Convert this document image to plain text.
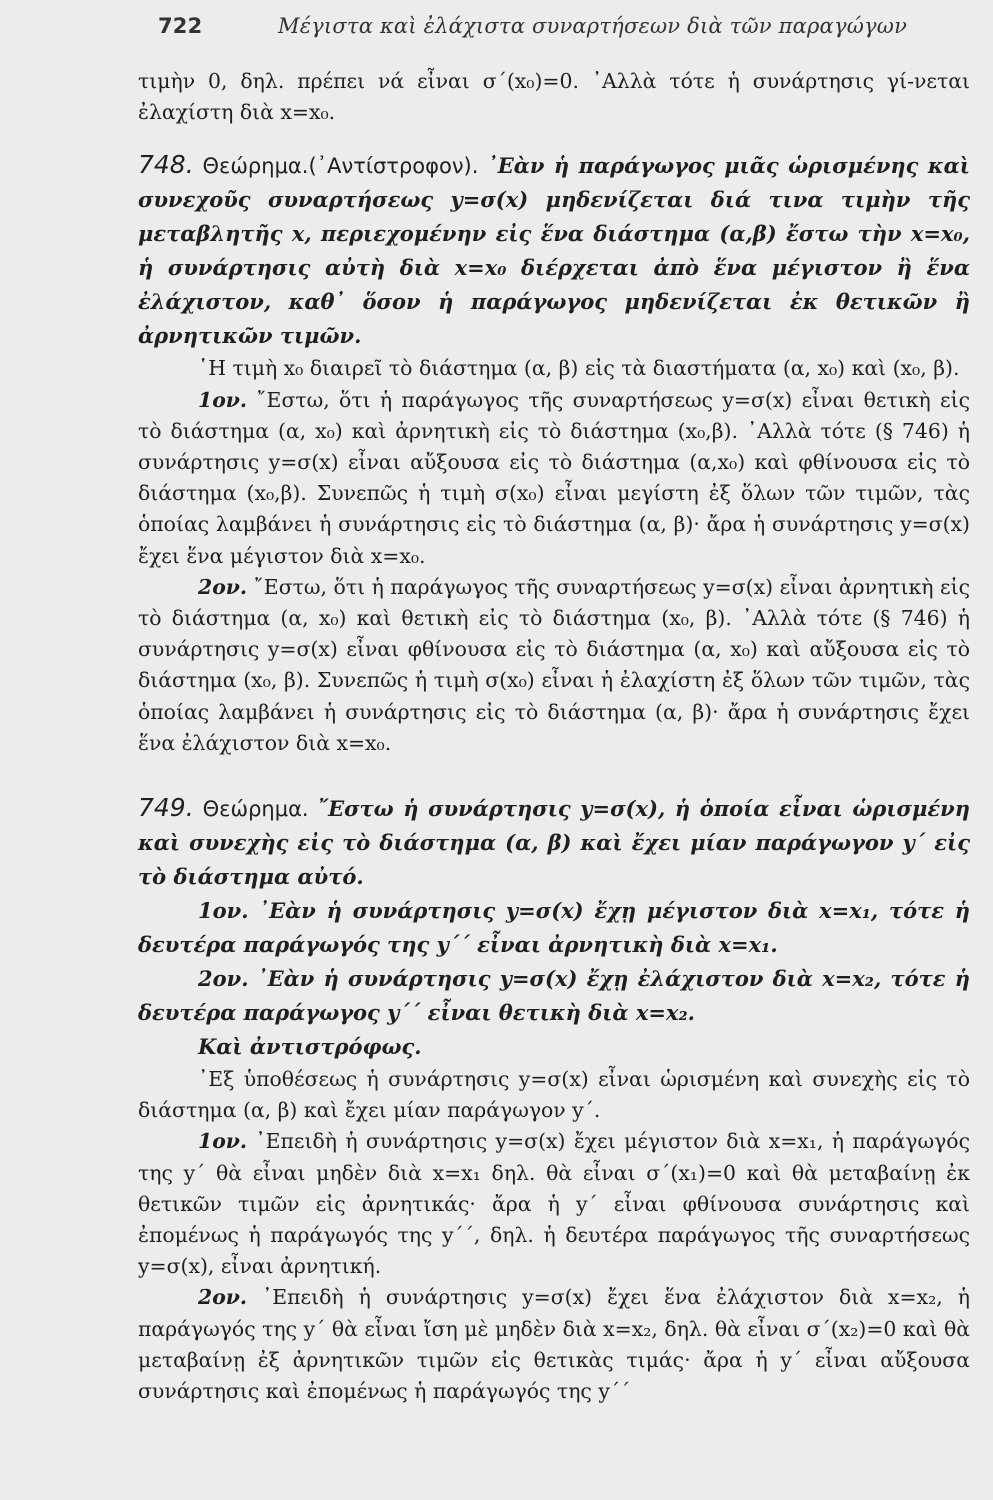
722	Μέγιστα καὶ ἐλάχιστα συναρτήσεων διὰ τῶν παραγώγων

τιμὴν 0, δηλ. πρέπει νά εἶναι σ΄(x₀)=0. ᾿Αλλὰ τότε ἡ συνάρτησις γί-νεται ἐλαχίστη διὰ x=x₀.

748. Θεώρημα.(᾿Αντίστροφον). ᾿Εὰν ἡ παράγωγος μιᾶς ὡρισμένης καὶ συνεχοῦς συναρτήσεως y=σ(x) μηδενίζεται διά τινα τιμὴν τῆς μεταβλητῆς x, περιεχομένην εἰς ἕνα διάστημα (α,β) ἔστω τὴν x=x₀, ἡ συνάρτησις αὐτὴ διὰ x=x₀ διέρχεται ἀπὸ ἕνα μέγιστον ἢ ἕνα ἐλάχιστον, καθ᾿ ὅσον ἡ παράγωγος μηδενίζεται ἐκ θετικῶν ἢ ἀρνητικῶν τιμῶν.

῾Η τιμὴ x₀ διαιρεῖ τὸ διάστημα (α, β) εἰς τὰ διαστήματα (α, x₀) καὶ (x₀, β).

1ον. ῎Εστω, ὅτι ἡ παράγωγος τῆς συναρτήσεως y=σ(x) εἶναι θετικὴ εἰς τὸ διάστημα (α, x₀) καὶ ἀρνητικὴ εἰς τὸ διάστημα (x₀,β). ᾿Αλλὰ τότε (§ 746) ἡ συνάρτησις y=σ(x) εἶναι αὔξουσα εἰς τὸ διάστημα (α,x₀) καὶ φθίνουσα εἰς τὸ διάστημα (x₀,β). Συνεπῶς ἡ τιμὴ σ(x₀) εἶναι μεγίστη ἐξ ὅλων τῶν τιμῶν, τὰς ὁποίας λαμβάνει ἡ συνάρτησις εἰς τὸ διάστημα (α, β)· ἄρα ἡ συνάρτησις y=σ(x) ἔχει ἕνα μέγιστον διὰ x=x₀.

2ον. ῎Εστω, ὅτι ἡ παράγωγος τῆς συναρτήσεως y=σ(x) εἶναι ἀρνητικὴ εἰς τὸ διάστημα (α, x₀) καὶ θετικὴ εἰς τὸ διάστημα (x₀, β). ᾿Αλλὰ τότε (§ 746) ἡ συνάρτησις y=σ(x) εἶναι φθίνουσα εἰς τὸ διάστημα (α, x₀) καὶ αὔξουσα εἰς τὸ διάστημα (x₀, β). Συνεπῶς ἡ τιμὴ σ(x₀) εἶναι ἡ ἐλαχίστη ἐξ ὅλων τῶν τιμῶν, τὰς ὁποίας λαμβάνει ἡ συνάρτησις εἰς τὸ διάστημα (α, β)· ἄρα ἡ συνάρτησις ἔχει ἕνα ἐλάχιστον διὰ x=x₀.

749. Θεώρημα. ῎Εστω ἡ συνάρτησις y=σ(x), ἡ ὁποία εἶναι ὡρισμένη καὶ συνεχὴς εἰς τὸ διάστημα (α, β) καὶ ἔχει μίαν παράγωγον y΄ εἰς τὸ διάστημα αὐτό.

1ον. ᾿Εὰν ἡ συνάρτησις y=σ(x) ἔχῃ μέγιστον διὰ x=x₁, τότε ἡ δευτέρα παράγωγός της y΄΄ εἶναι ἀρνητικὴ διὰ x=x₁.

2ον. ᾿Εὰν ἡ συνάρτησις y=σ(x) ἔχῃ ἐλάχιστον διὰ x=x₂, τότε ἡ δευτέρα παράγωγος y΄΄ εἶναι θετικὴ διὰ x=x₂.

Καὶ ἀντιστρόφως.

᾿Εξ ὑποθέσεως ἡ συνάρτησις y=σ(x) εἶναι ὡρισμένη καὶ συνεχὴς εἰς τὸ διάστημα (α, β) καὶ ἔχει μίαν παράγωγον y΄.

1ον. ᾿Επειδὴ ἡ συνάρτησις y=σ(x) ἔχει μέγιστον διὰ x=x₁, ἡ παράγωγός της y΄ θὰ εἶναι μηδὲν διὰ x=x₁ δηλ. θὰ εἶναι σ΄(x₁)=0 καὶ θὰ μεταβαίνῃ ἐκ θετικῶν τιμῶν εἰς ἀρνητικάς· ἄρα ἡ y΄ εἶναι φθίνουσα συνάρτησις καὶ ἐπομένως ἡ παράγωγός της y΄΄, δηλ. ἡ δευτέρα παράγωγος τῆς συναρτήσεως y=σ(x), εἶναι ἀρνητική.

2ον. ᾿Επειδὴ ἡ συνάρτησις y=σ(x) ἔχει ἕνα ἐλάχιστον διὰ x=x₂, ἡ παράγωγός της y΄ θὰ εἶναι ἴση μὲ μηδὲν διὰ x=x₂, δηλ. θὰ εἶναι σ΄(x₂)=0 καὶ θὰ μεταβαίνῃ ἐξ ἀρνητικῶν τιμῶν εἰς θετικὰς τιμάς· ἄρα ἡ y΄ εἶναι αὔξουσα συνάρτησις καὶ ἐπομένως ἡ παράγωγός της y΄΄
